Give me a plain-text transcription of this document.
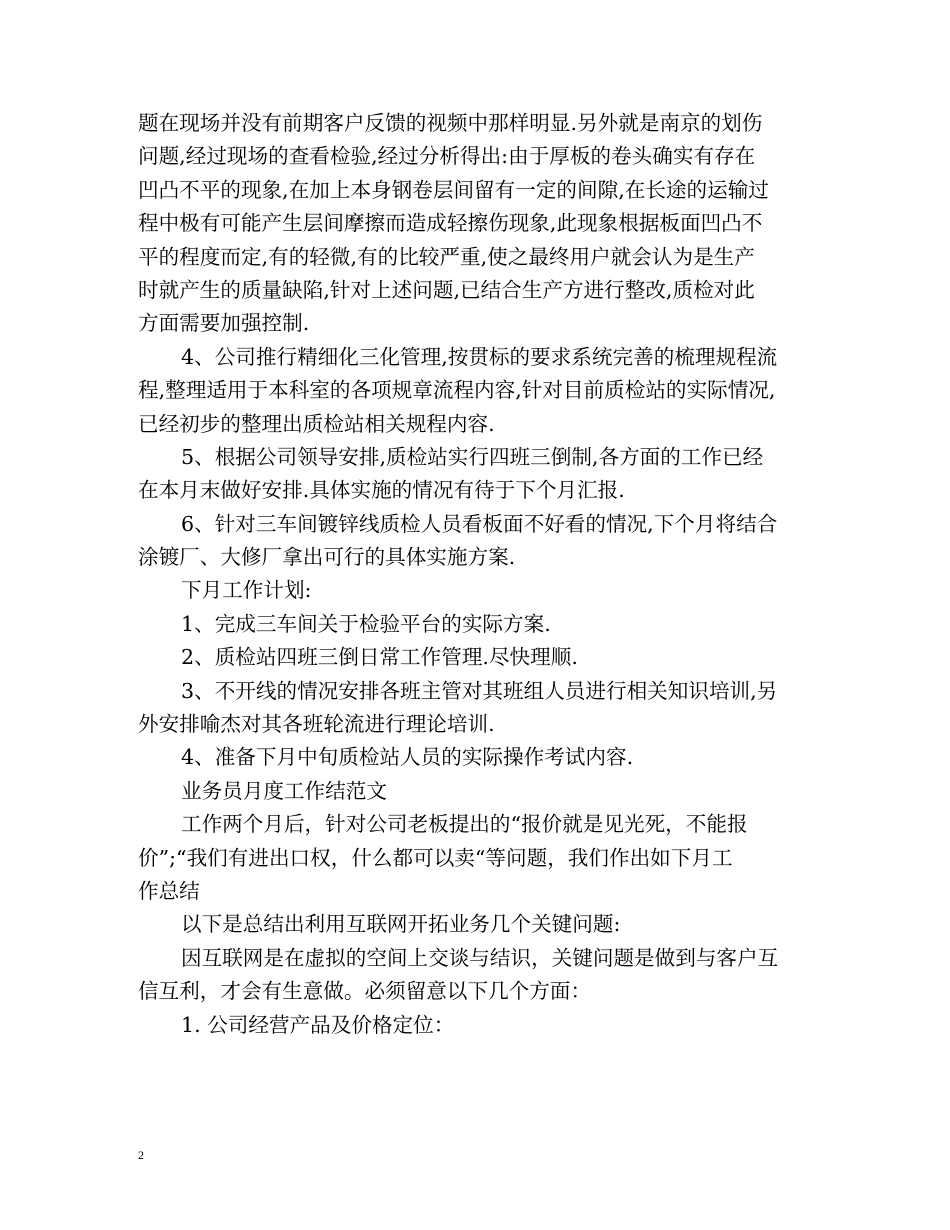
题在现场并没有前期客户反馈的视频中那样明显.另外就是南京的划伤
问题,经过现场的查看检验,经过分析得出:由于厚板的卷头确实有存在
凹凸不平的现象,在加上本身钢卷层间留有一定的间隙,在长途的运输过
程中极有可能产生层间摩擦而造成轻擦伤现象,此现象根据板面凹凸不
平的程度而定,有的轻微,有的比较严重,使之最终用户就会认为是生产
时就产生的质量缺陷,针对上述问题,已结合生产方进行整改,质检对此
方面需要加强控制.
4、公司推行精细化三化管理,按贯标的要求系统完善的梳理规程流
程,整理适用于本科室的各项规章流程内容,针对目前质检站的实际情况,
已经初步的整理出质检站相关规程内容.
5、根据公司领导安排,质检站实行四班三倒制,各方面的工作已经
在本月末做好安排.具体实施的情况有待于下个月汇报.
6、针对三车间镀锌线质检人员看板面不好看的情况,下个月将结合
涂镀厂、大修厂拿出可行的具体实施方案.
下月工作计划:
1、完成三车间关于检验平台的实际方案.
2、质检站四班三倒日常工作管理.尽快理顺.
3、不开线的情况安排各班主管对其班组人员进行相关知识培训,另
外安排喻杰对其各班轮流进行理论培训.
4、准备下月中旬质检站人员的实际操作考试内容.
业务员月度工作结范文
工作两个月后，针对公司老板提出的“报价就是见光死，不能报
价”;“我们有进出口权，什么都可以卖“等问题，我们作出如下月工
作总结
以下是总结出利用互联网开拓业务几个关键问题:
因互联网是在虚拟的空间上交谈与结识，关键问题是做到与客户互
信互利，才会有生意做。必须留意以下几个方面：
1. 公司经营产品及价格定位：
2
